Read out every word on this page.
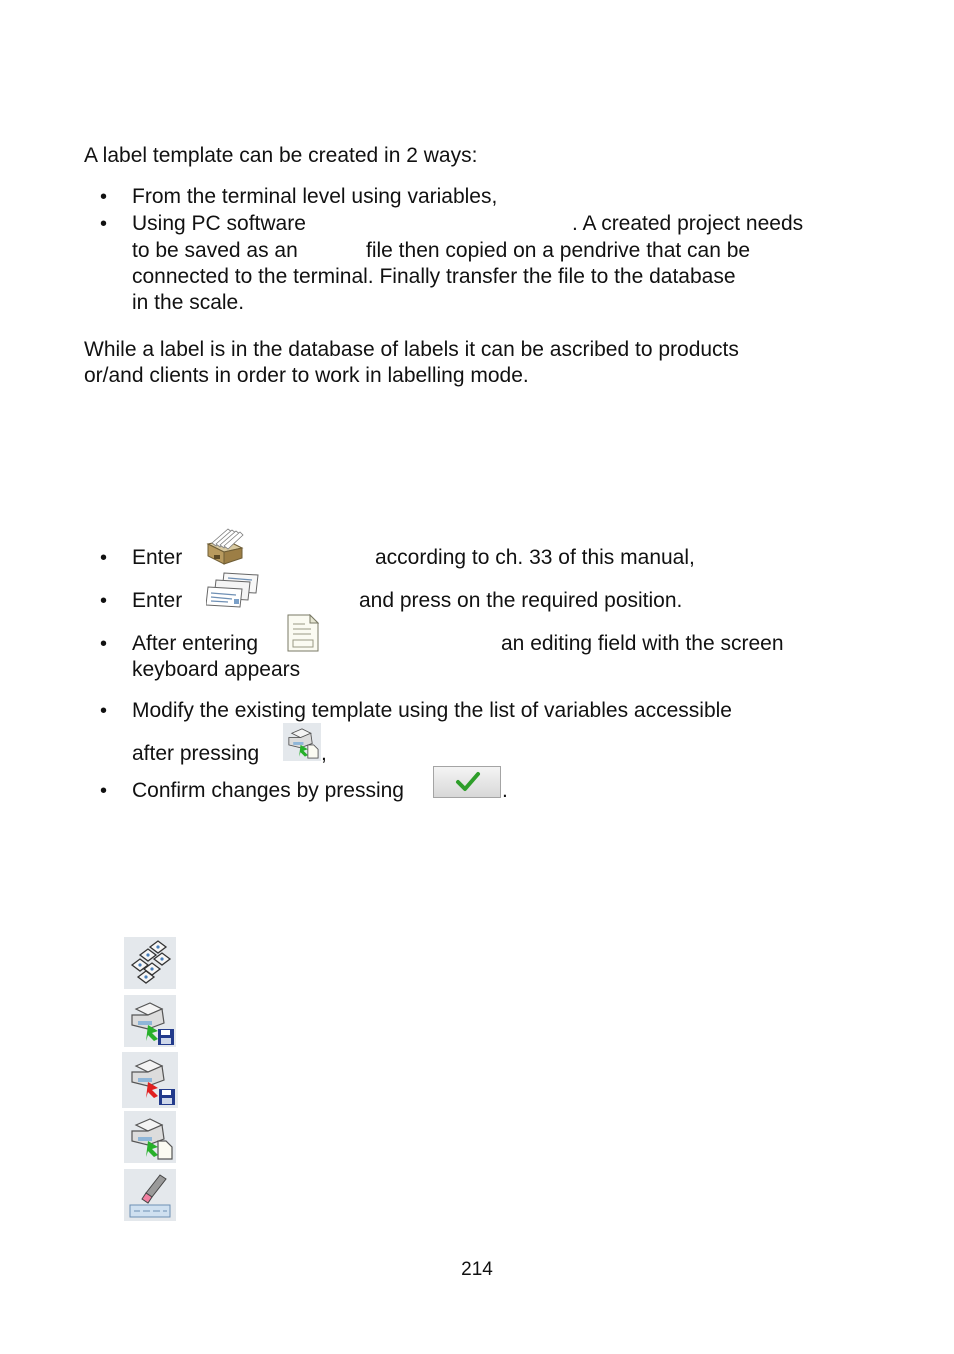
A label template can be created in 2 ways:

• From the terminal level using variables,

• Using PC software	. A created project needs

to be saved as an	file then copied on a pendrive that can be

connected to the terminal. Finally transfer the file to the database

in the scale.

While a label is in the database of labels it can be ascribed to products

or/and clients in order to work in labelling mode.

• Enter	according to ch. 33 of this manual,

• Enter	and press on the required position.

• After entering	an editing field with the screen

keyboard appears

• Modify the existing template using the list of variables accessible

after pressing	,

• Confirm changes by pressing	.

214
